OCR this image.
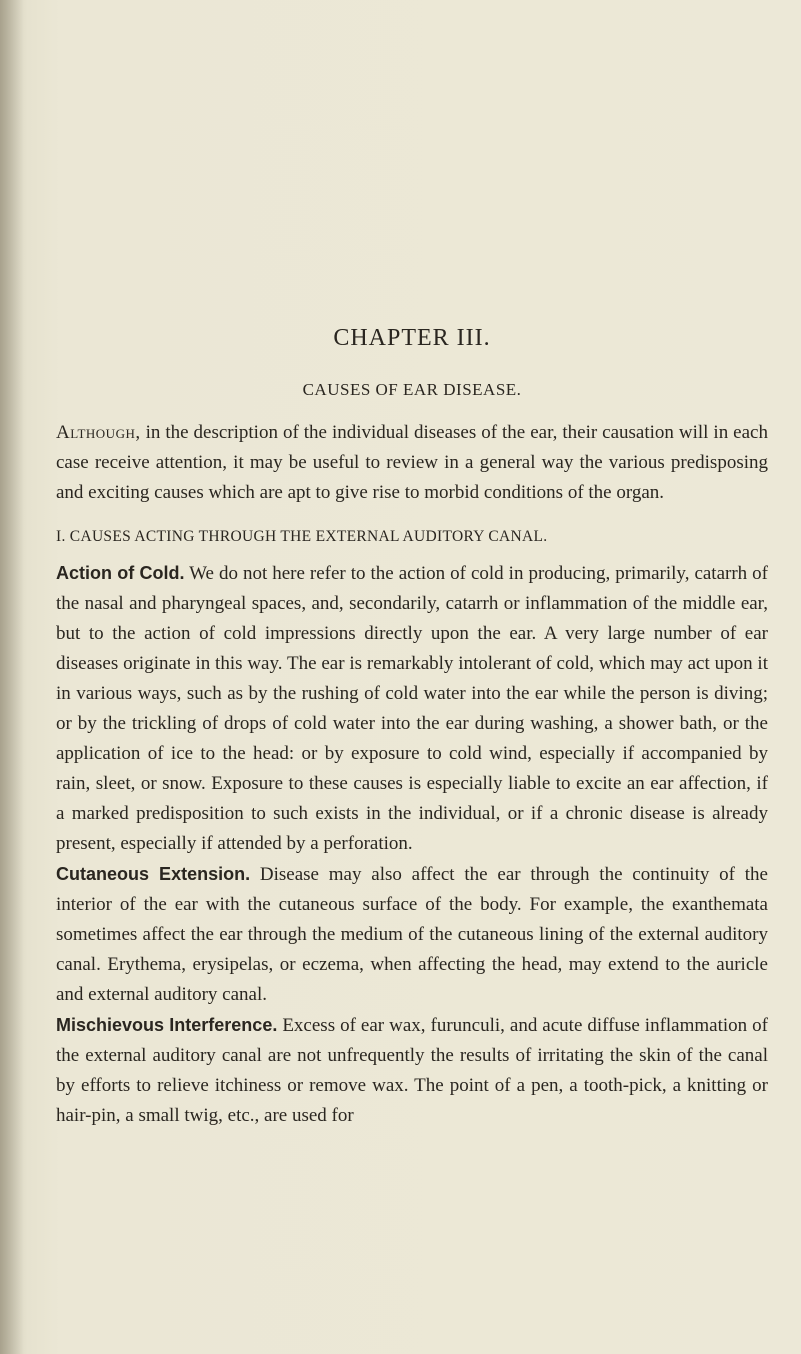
CHAPTER III.
CAUSES OF EAR DISEASE.

Although, in the description of the individual diseases of the ear, their causation will in each case receive attention, it may be useful to review in a general way the various predisposing and exciting causes which are apt to give rise to morbid conditions of the organ.

I. CAUSES ACTING THROUGH THE EXTERNAL AUDITORY CANAL.

Action of Cold. We do not here refer to the action of cold in producing, primarily, catarrh of the nasal and pharyngeal spaces, and, secondarily, catarrh or inflammation of the middle ear, but to the action of cold impressions directly upon the ear. A very large number of ear diseases originate in this way. The ear is remarkably intolerant of cold, which may act upon it in various ways, such as by the rushing of cold water into the ear while the person is diving; or by the trickling of drops of cold water into the ear during washing, a shower bath, or the application of ice to the head: or by exposure to cold wind, especially if accompanied by rain, sleet, or snow. Exposure to these causes is especially liable to excite an ear affection, if a marked predisposition to such exists in the individual, or if a chronic disease is already present, especially if attended by a perforation.

Cutaneous Extension. Disease may also affect the ear through the continuity of the interior of the ear with the cutaneous surface of the body. For example, the exanthemata sometimes affect the ear through the medium of the cutaneous lining of the external auditory canal. Erythema, erysipelas, or eczema, when affecting the head, may extend to the auricle and external auditory canal.

Mischievous Interference. Excess of ear wax, furunculi, and acute diffuse inflammation of the external auditory canal are not unfrequently the results of irritating the skin of the canal by efforts to relieve itchiness or remove wax. The point of a pen, a tooth-pick, a knitting or hair-pin, a small twig, etc., are used for
